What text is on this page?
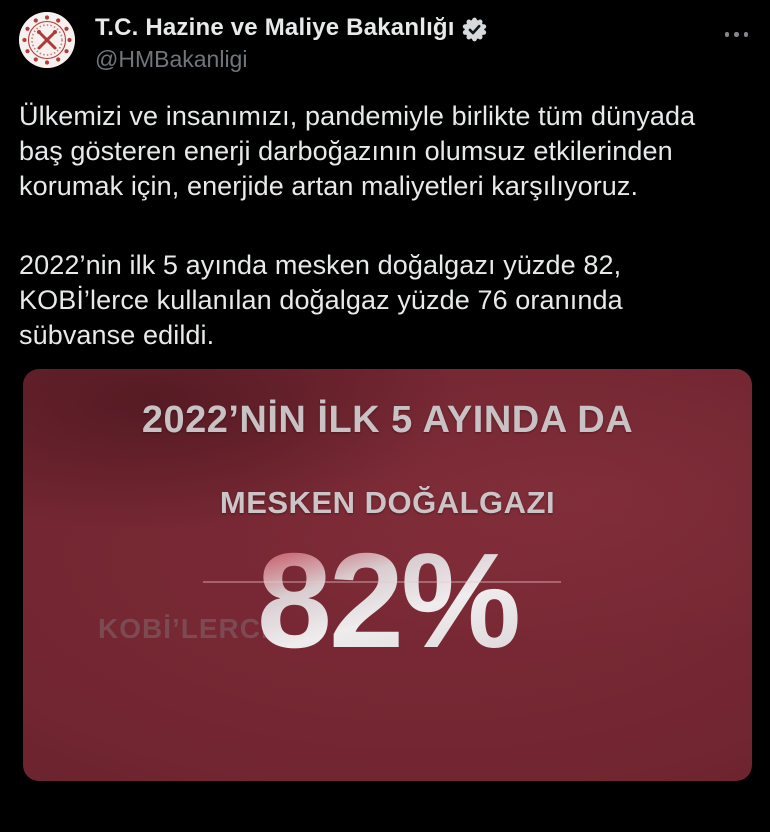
T.C. Hazine ve Maliye Bakanlığı
@HMBakanligi

Ülkemizi ve insanımızı, pandemiyle birlikte tüm dünyada baş gösteren enerji darboğazının olumsuz etkilerinden korumak için, enerjide artan maliyetleri karşılıyoruz.

2022’nin ilk 5 ayında mesken doğalgazı yüzde 82, KOBİ’lerce kullanılan doğalgaz yüzde 76 oranında sübvanse edildi.

2022’NİN İLK 5 AYINDA DA
MESKEN DOĞALGAZI
82%
